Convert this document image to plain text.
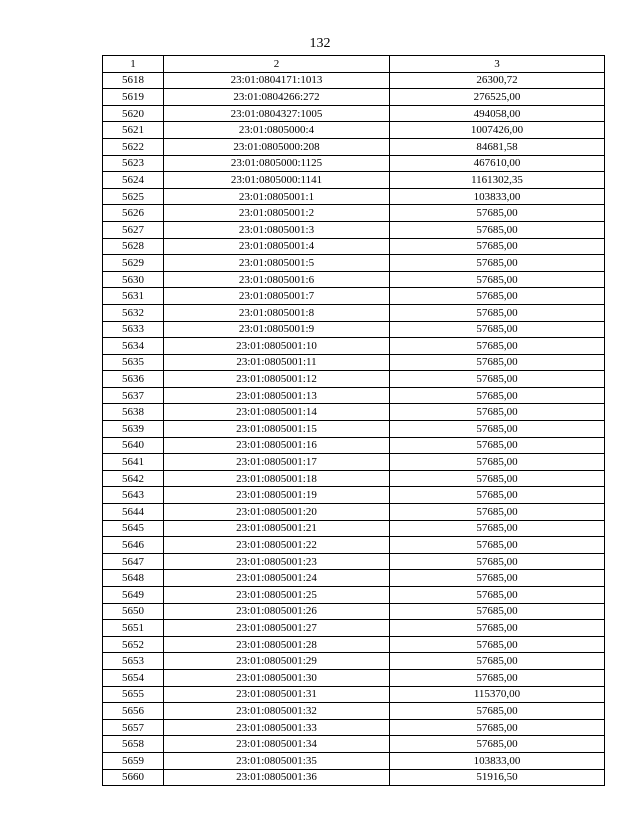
132
1	2	3
5618	23:01:0804171:1013	26300,72
5619	23:01:0804266:272	276525,00
5620	23:01:0804327:1005	494058,00
5621	23:01:0805000:4	1007426,00
5622	23:01:0805000:208	84681,58
5623	23:01:0805000:1125	467610,00
5624	23:01:0805000:1141	1161302,35
5625	23:01:0805001:1	103833,00
5626	23:01:0805001:2	57685,00
5627	23:01:0805001:3	57685,00
5628	23:01:0805001:4	57685,00
5629	23:01:0805001:5	57685,00
5630	23:01:0805001:6	57685,00
5631	23:01:0805001:7	57685,00
5632	23:01:0805001:8	57685,00
5633	23:01:0805001:9	57685,00
5634	23:01:0805001:10	57685,00
5635	23:01:0805001:11	57685,00
5636	23:01:0805001:12	57685,00
5637	23:01:0805001:13	57685,00
5638	23:01:0805001:14	57685,00
5639	23:01:0805001:15	57685,00
5640	23:01:0805001:16	57685,00
5641	23:01:0805001:17	57685,00
5642	23:01:0805001:18	57685,00
5643	23:01:0805001:19	57685,00
5644	23:01:0805001:20	57685,00
5645	23:01:0805001:21	57685,00
5646	23:01:0805001:22	57685,00
5647	23:01:0805001:23	57685,00
5648	23:01:0805001:24	57685,00
5649	23:01:0805001:25	57685,00
5650	23:01:0805001:26	57685,00
5651	23:01:0805001:27	57685,00
5652	23:01:0805001:28	57685,00
5653	23:01:0805001:29	57685,00
5654	23:01:0805001:30	57685,00
5655	23:01:0805001:31	115370,00
5656	23:01:0805001:32	57685,00
5657	23:01:0805001:33	57685,00
5658	23:01:0805001:34	57685,00
5659	23:01:0805001:35	103833,00
5660	23:01:0805001:36	51916,50
